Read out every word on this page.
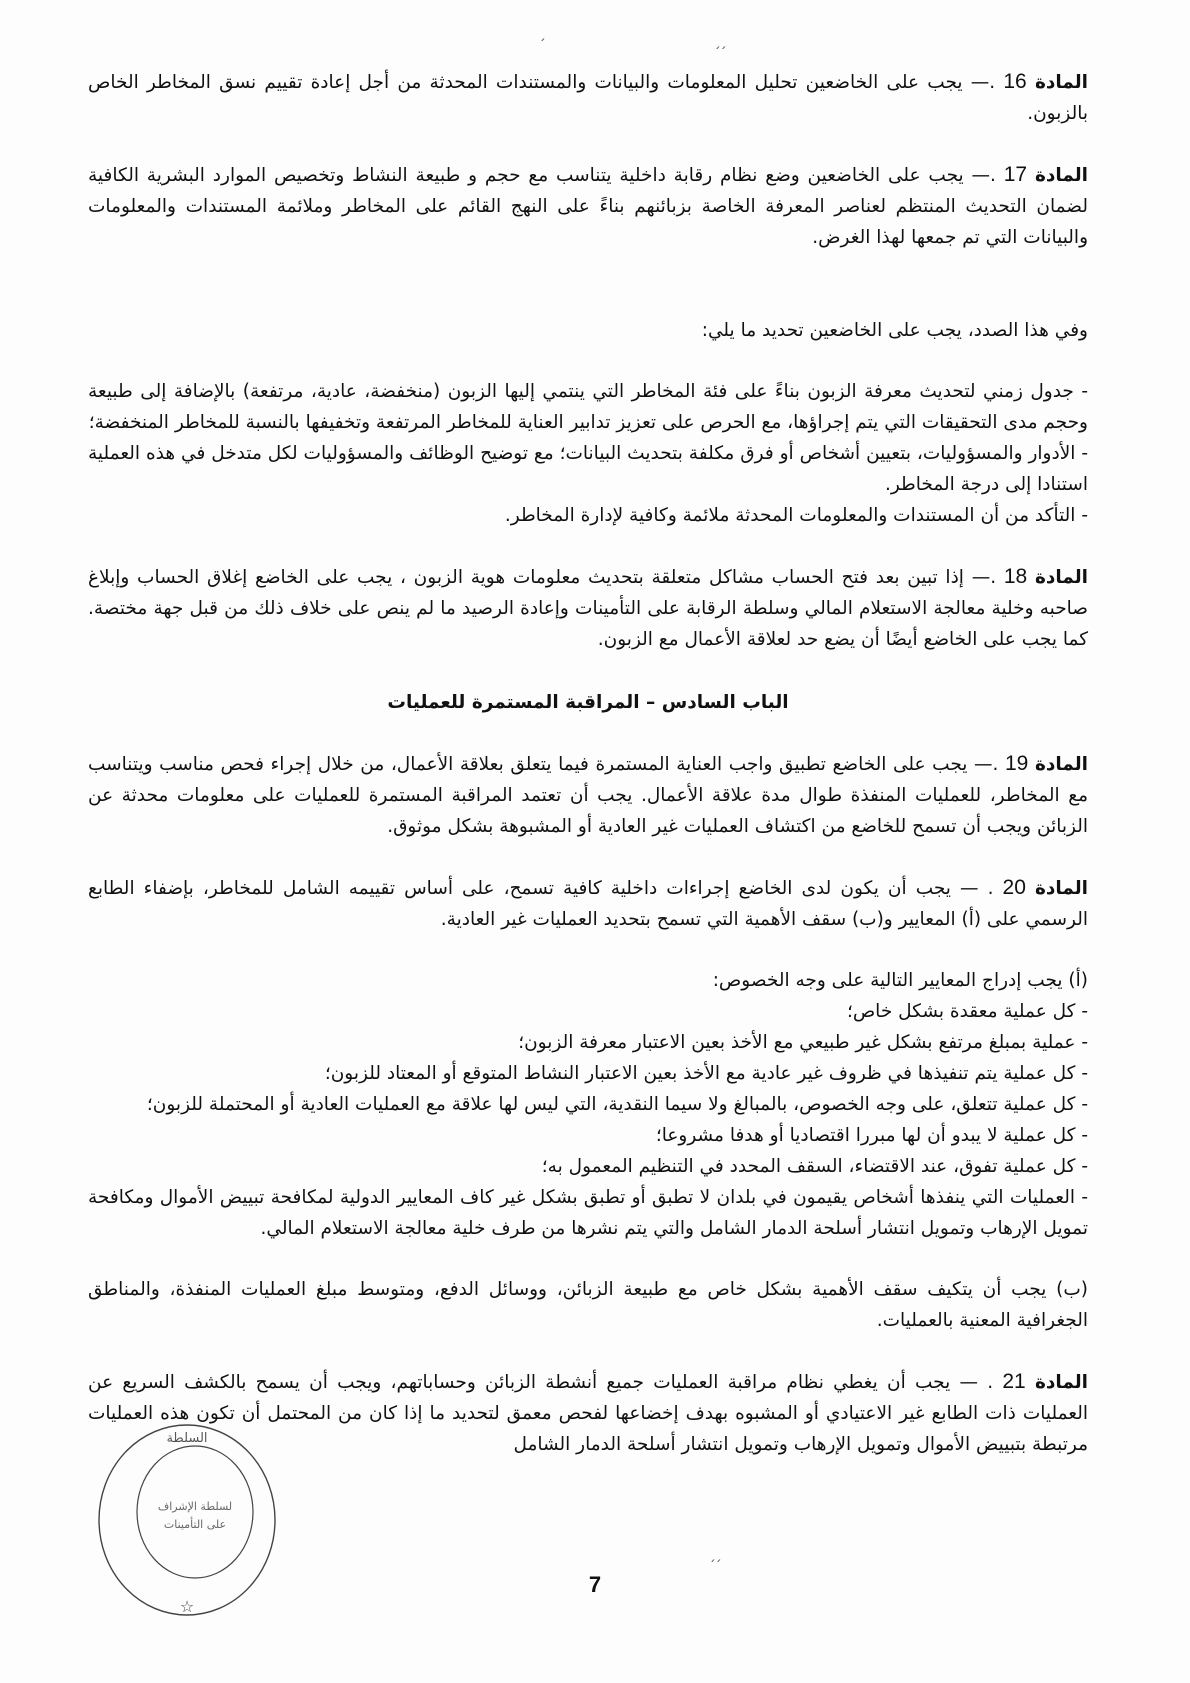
׳	׳׳

المادة 16 .— يجب على الخاضعين تحليل المعلومات والبيانات والمستندات المحدثة من أجل إعادة تقييم نسق المخاطر الخاص بالزبون.

المادة 17 .— يجب على الخاضعين وضع نظام رقابة داخلية يتناسب مع حجم و طبيعة النشاط وتخصيص الموارد البشرية الكافية لضمان التحديث المنتظم لعناصر المعرفة الخاصة بزبائنهم بناءً على النهج القائم على المخاطر وملائمة المستندات والمعلومات والبيانات التي تم جمعها لهذا الغرض.

وفي هذا الصدد، يجب على الخاضعين تحديد ما يلي:

- جدول زمني لتحديث معرفة الزبون بناءً على فئة المخاطر التي ينتمي إليها الزبون (منخفضة، عادية، مرتفعة) بالإضافة إلى طبيعة وحجم مدى التحقيقات التي يتم إجراؤها، مع الحرص على تعزيز تدابير العناية للمخاطر المرتفعة وتخفيفها بالنسبة للمخاطر المنخفضة؛

- الأدوار والمسؤوليات، بتعيين أشخاص أو فرق مكلفة بتحديث البيانات؛ مع توضيح الوظائف والمسؤوليات لكل متدخل في هذه العملية استنادا إلى درجة المخاطر.

- التأكد من أن المستندات والمعلومات المحدثة ملائمة وكافية لإدارة المخاطر.

المادة 18 .— إذا تبين بعد فتح الحساب مشاكل متعلقة بتحديث معلومات هوية الزبون ، يجب على الخاضع إغلاق الحساب وإبلاغ صاحبه وخلية معالجة الاستعلام المالي وسلطة الرقابة على التأمينات وإعادة الرصيد ما لم ينص على خلاف ذلك من قبل جهة مختصة. كما يجب على الخاضع أيضًا أن يضع حد لعلاقة الأعمال مع الزبون.

الباب السادس – المراقبة المستمرة للعمليات

المادة 19 .— يجب على الخاضع تطبيق واجب العناية المستمرة فيما يتعلق بعلاقة الأعمال، من خلال إجراء فحص مناسب ويتناسب مع المخاطر، للعمليات المنفذة طوال مدة علاقة الأعمال. يجب أن تعتمد المراقبة المستمرة للعمليات على معلومات محدثة عن الزبائن ويجب أن تسمح للخاضع من اكتشاف العمليات غير العادية أو المشبوهة بشكل موثوق.

المادة 20 . — يجب أن يكون لدى الخاضع إجراءات داخلية كافية تسمح، على أساس تقييمه الشامل للمخاطر، بإضفاء الطابع الرسمي على (أ) المعايير و(ب) سقف الأهمية التي تسمح بتحديد العمليات غير العادية.

(أ) يجب إدراج المعايير التالية على وجه الخصوص:

- كل عملية معقدة بشكل خاص؛

- عملية بمبلغ مرتفع بشكل غير طبيعي مع الأخذ بعين الاعتبار معرفة الزبون؛

- كل عملية يتم تنفيذها في ظروف غير عادية مع الأخذ بعين الاعتبار النشاط المتوقع أو المعتاد للزبون؛

- كل عملية تتعلق، على وجه الخصوص، بالمبالغ ولا سيما النقدية، التي ليس لها علاقة مع العمليات العادية أو المحتملة للزبون؛

- كل عملية لا يبدو أن لها مبررا اقتصاديا أو هدفا مشروعا؛

- كل عملية تفوق، عند الاقتضاء، السقف المحدد في التنظيم المعمول به؛

- العمليات التي ينفذها أشخاص يقيمون في بلدان لا تطبق أو تطبق بشكل غير كاف المعايير الدولية لمكافحة تبييض الأموال ومكافحة تمويل الإرهاب وتمويل انتشار أسلحة الدمار الشامل والتي يتم نشرها من طرف خلية معالجة الاستعلام المالي.

(ب) يجب أن يتكيف سقف الأهمية بشكل خاص مع طبيعة الزبائن، ووسائل الدفع، ومتوسط مبلغ العمليات المنفذة، والمناطق الجغرافية المعنية بالعمليات.

المادة 21 . — يجب أن يغطي نظام مراقبة العمليات جميع أنشطة الزبائن وحساباتهم، ويجب أن يسمح بالكشف السريع عن العمليات ذات الطابع غير الاعتيادي أو المشبوه بهدف إخضاعها لفحص معمق لتحديد ما إذا كان من المحتمل أن تكون هذه العمليات مرتبطة بتبييض الأموال وتمويل الإرهاب وتمويل انتشار أسلحة الدمار الشامل

السلطة
لسلطة الإشراف
على التأمينات
☆
׳׳
7
